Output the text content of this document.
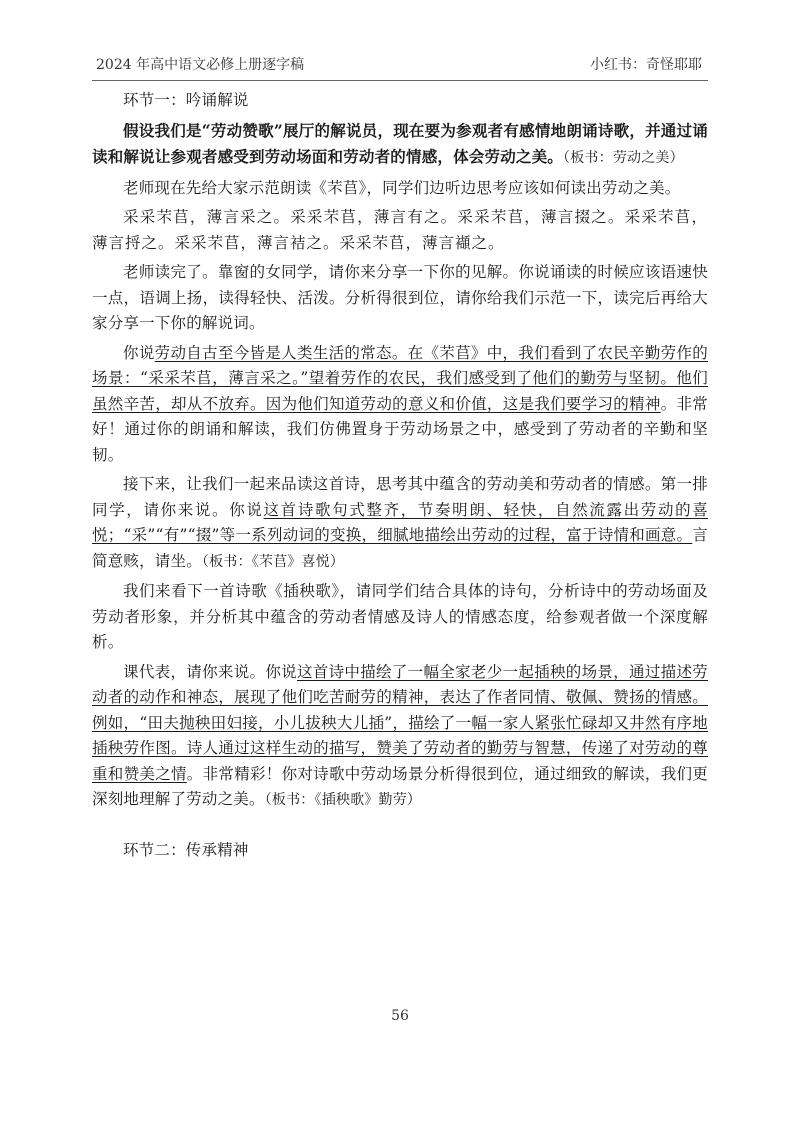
2024 年高中语文必修上册逐字稿	小红书：奇怪耶耶

环节一：吟诵解说

假设我们是“劳动赞歌”展厅的解说员，现在要为参观者有感情地朗诵诗歌，并通过诵读和解说让参观者感受到劳动场面和劳动者的情感，体会劳动之美。（板书：劳动之美）

老师现在先给大家示范朗读《芣苢》，同学们边听边思考应该如何读出劳动之美。

采采芣苢，薄言采之。采采芣苢，薄言有之。采采芣苢，薄言掇之。采采芣苢，薄言捋之。采采芣苢，薄言袺之。采采芣苢，薄言襭之。

老师读完了。靠窗的女同学，请你来分享一下你的见解。你说诵读的时候应该语速快一点，语调上扬，读得轻快、活泼。分析得很到位，请你给我们示范一下，读完后再给大家分享一下你的解说词。

你说劳动自古至今皆是人类生活的常态。在《芣苢》中，我们看到了农民辛勤劳作的场景：“采采芣苢，薄言采之。”望着劳作的农民，我们感受到了他们的勤劳与坚韧。他们虽然辛苦，却从不放弃。因为他们知道劳动的意义和价值，这是我们要学习的精神。非常好！通过你的朗诵和解读，我们仿佛置身于劳动场景之中，感受到了劳动者的辛勤和坚韧。

接下来，让我们一起来品读这首诗，思考其中蕴含的劳动美和劳动者的情感。第一排同学，请你来说。你说这首诗歌句式整齐，节奏明朗、轻快，自然流露出劳动的喜悦；“采”“有”“掇”等一系列动词的变换，细腻地描绘出劳动的过程，富于诗情和画意。言简意赅，请坐。（板书：《芣苢》喜悦）

我们来看下一首诗歌《插秧歌》，请同学们结合具体的诗句，分析诗中的劳动场面及劳动者形象，并分析其中蕴含的劳动者情感及诗人的情感态度，给参观者做一个深度解析。

课代表，请你来说。你说这首诗中描绘了一幅全家老少一起插秧的场景，通过描述劳动者的动作和神态，展现了他们吃苦耐劳的精神，表达了作者同情、敬佩、赞扬的情感。例如，“田夫抛秧田妇接，小儿拔秧大儿插”，描绘了一幅一家人紧张忙碌却又井然有序地插秧劳作图。诗人通过这样生动的描写，赞美了劳动者的勤劳与智慧，传递了对劳动的尊重和赞美之情。非常精彩！你对诗歌中劳动场景分析得很到位，通过细致的解读，我们更深刻地理解了劳动之美。（板书：《插秧歌》勤劳）

环节二：传承精神

56
